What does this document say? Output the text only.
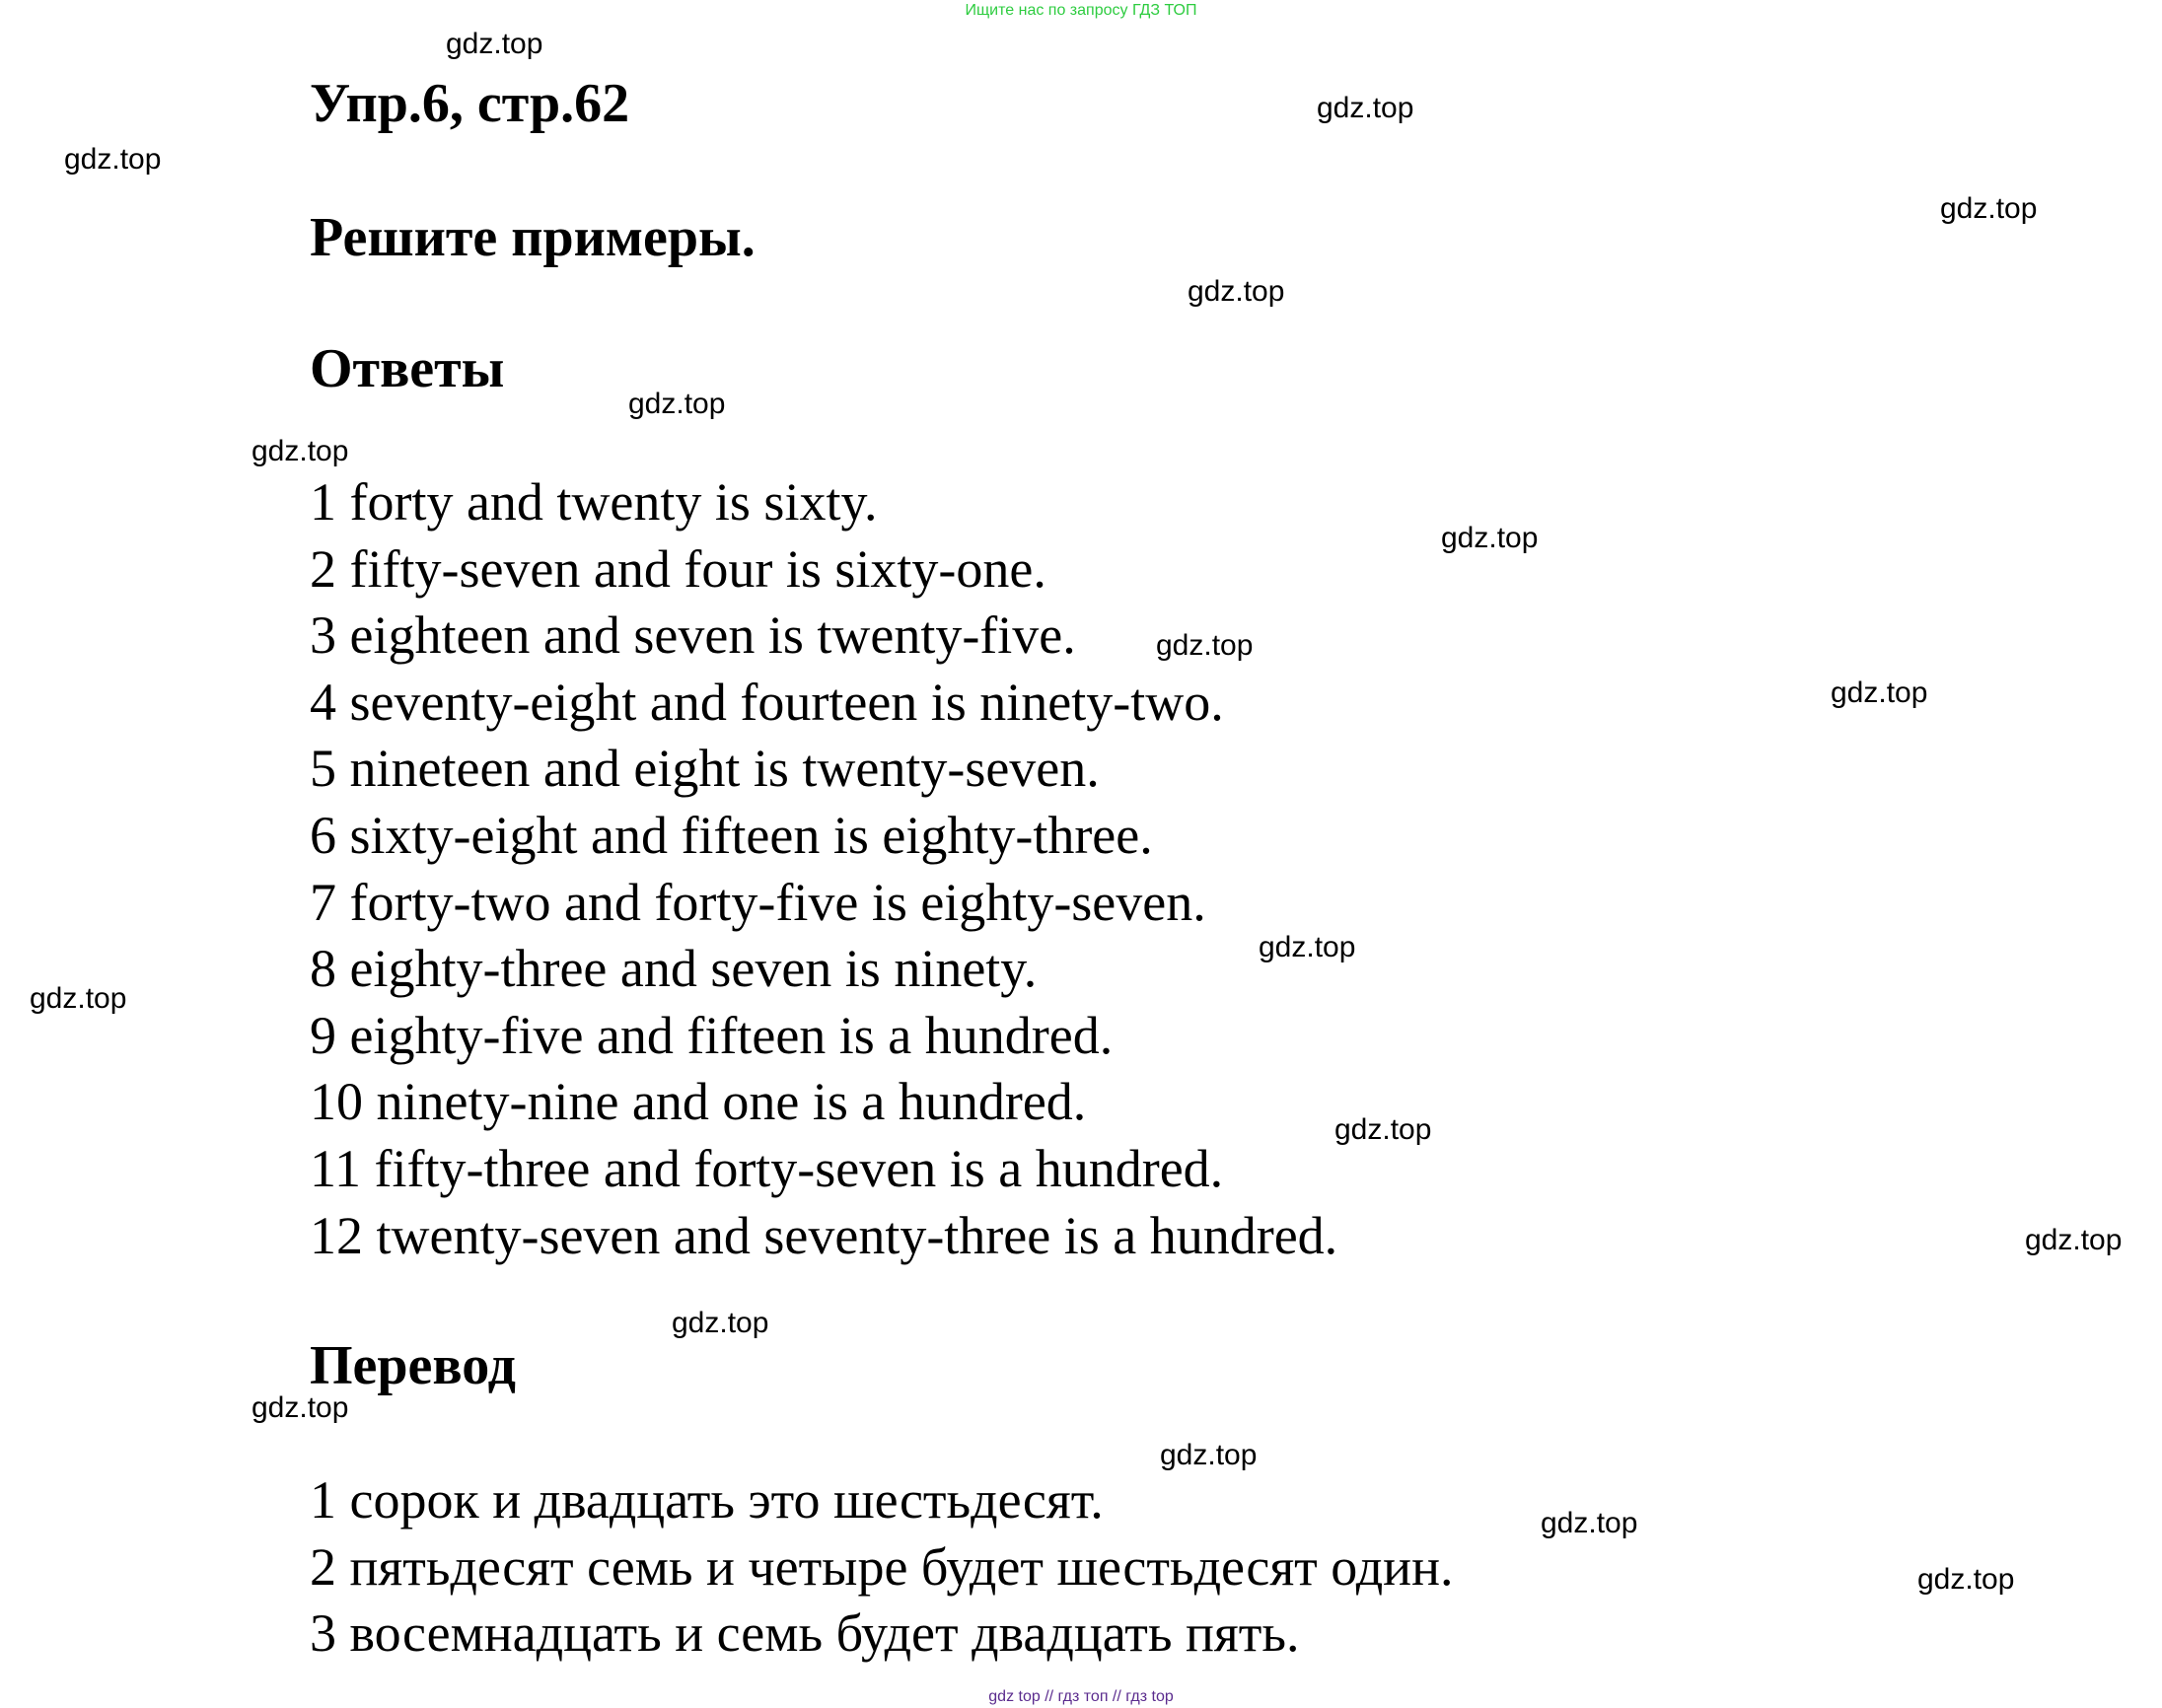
Ищите нас по запросу ГДЗ ТОП
Упр.6, стр.62
Решите примеры.
Ответы
1 forty and twenty is sixty.
2 fifty-seven and four is sixty-one.
3 eighteen and seven is twenty-five.
4 seventy-eight and fourteen is ninety-two.
5 nineteen and eight is twenty-seven.
6 sixty-eight and fifteen is eighty-three.
7 forty-two and forty-five is eighty-seven.
8 eighty-three and seven is ninety.
9 eighty-five and fifteen is a hundred.
10 ninety-nine and one is a hundred.
11 fifty-three and forty-seven is a hundred.
12 twenty-seven and seventy-three is a hundred.
Перевод
1 сорок и двадцать это шестьдесят.
2 пятьдесят семь и четыре будет шестьдесят один.
3 восемнадцать и семь будет двадцать пять.
gdz.top
gdz.top
gdz.top
gdz.top
gdz.top
gdz.top
gdz.top
gdz.top
gdz.top
gdz.top
gdz.top
gdz.top
gdz.top
gdz.top
gdz.top
gdz.top
gdz.top
gdz.top
gdz.top
gdz top // гдз топ // гдз top
